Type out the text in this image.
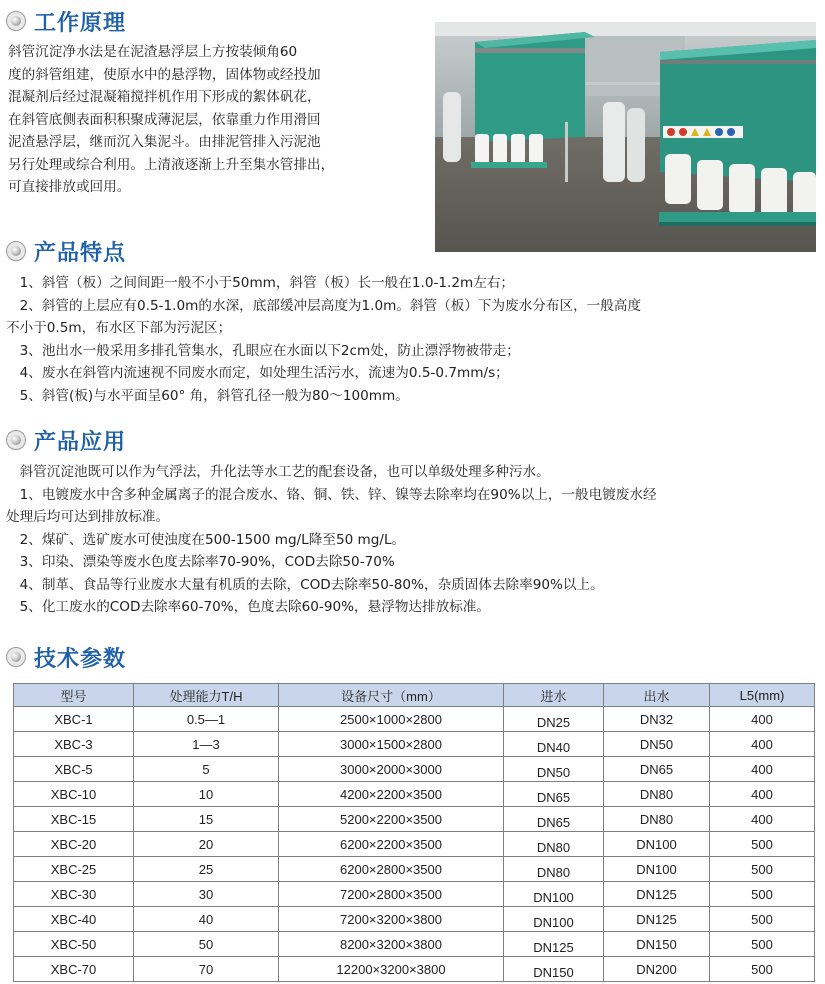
工作原理
斜管沉淀净水法是在泥渣悬浮层上方按装倾角60
度的斜管组建，使原水中的悬浮物，固体物或经投加
混凝剂后经过混凝箱搅拌机作用下形成的絮体矾花，
在斜管底侧表面积积聚成薄泥层，依靠重力作用滑回
泥渣悬浮层，继而沉入集泥斗。由排泥管排入污泥池
另行处理或综合利用。上清液逐渐上升至集水管排出，
可直接排放或回用。
产品特点
　1、斜管（板）之间间距一般不小于50mm，斜管（板）长一般在1.0-1.2m左右；
　2、斜管的上层应有0.5-1.0m的水深，底部缓冲层高度为1.0m。斜管（板）下为废水分布区，一般高度
不小于0.5m，布水区下部为污泥区；
　3、池出水一般采用多排孔管集水，孔眼应在水面以下2cm处，防止漂浮物被带走；
　4、废水在斜管内流速视不同废水而定，如处理生活污水，流速为0.5-0.7mm/s；
　5、斜管(板)与水平面呈60° 角，斜管孔径一般为80～100mm。
产品应用
　斜管沉淀池既可以作为气浮法，升化法等水工艺的配套设备，也可以单级处理多种污水。
　1、电镀废水中含多种金属离子的混合废水、铬、铜、铁、锌、镍等去除率均在90%以上，一般电镀废水经
处理后均可达到排放标准。
　2、煤矿、选矿废水可使浊度在500-1500 mg/L降至50 mg/L。
　3、印染、漂染等废水色度去除率70-90%，COD去除50-70%
　4、制革、食品等行业废水大量有机质的去除，COD去除率50-80%，杂质固体去除率90%以上。
　5、化工废水的COD去除率60-70%，色度去除60-90%，悬浮物达排放标准。
技术参数
型号	处理能力T/H	设备尺寸（mm）	进水	出水	L5(mm)
XBC-1	0.5—1	2500×1000×2800	DN25	DN32	400
XBC-3	1—3	3000×1500×2800	DN40	DN50	400
XBC-5	5	3000×2000×3000	DN50	DN65	400
XBC-10	10	4200×2200×3500	DN65	DN80	400
XBC-15	15	5200×2200×3500	DN65	DN80	400
XBC-20	20	6200×2200×3500	DN80	DN100	500
XBC-25	25	6200×2800×3500	DN80	DN100	500
XBC-30	30	7200×2800×3500	DN100	DN125	500
XBC-40	40	7200×3200×3800	DN100	DN125	500
XBC-50	50	8200×3200×3800	DN125	DN150	500
XBC-70	70	12200×3200×3800	DN150	DN200	500
